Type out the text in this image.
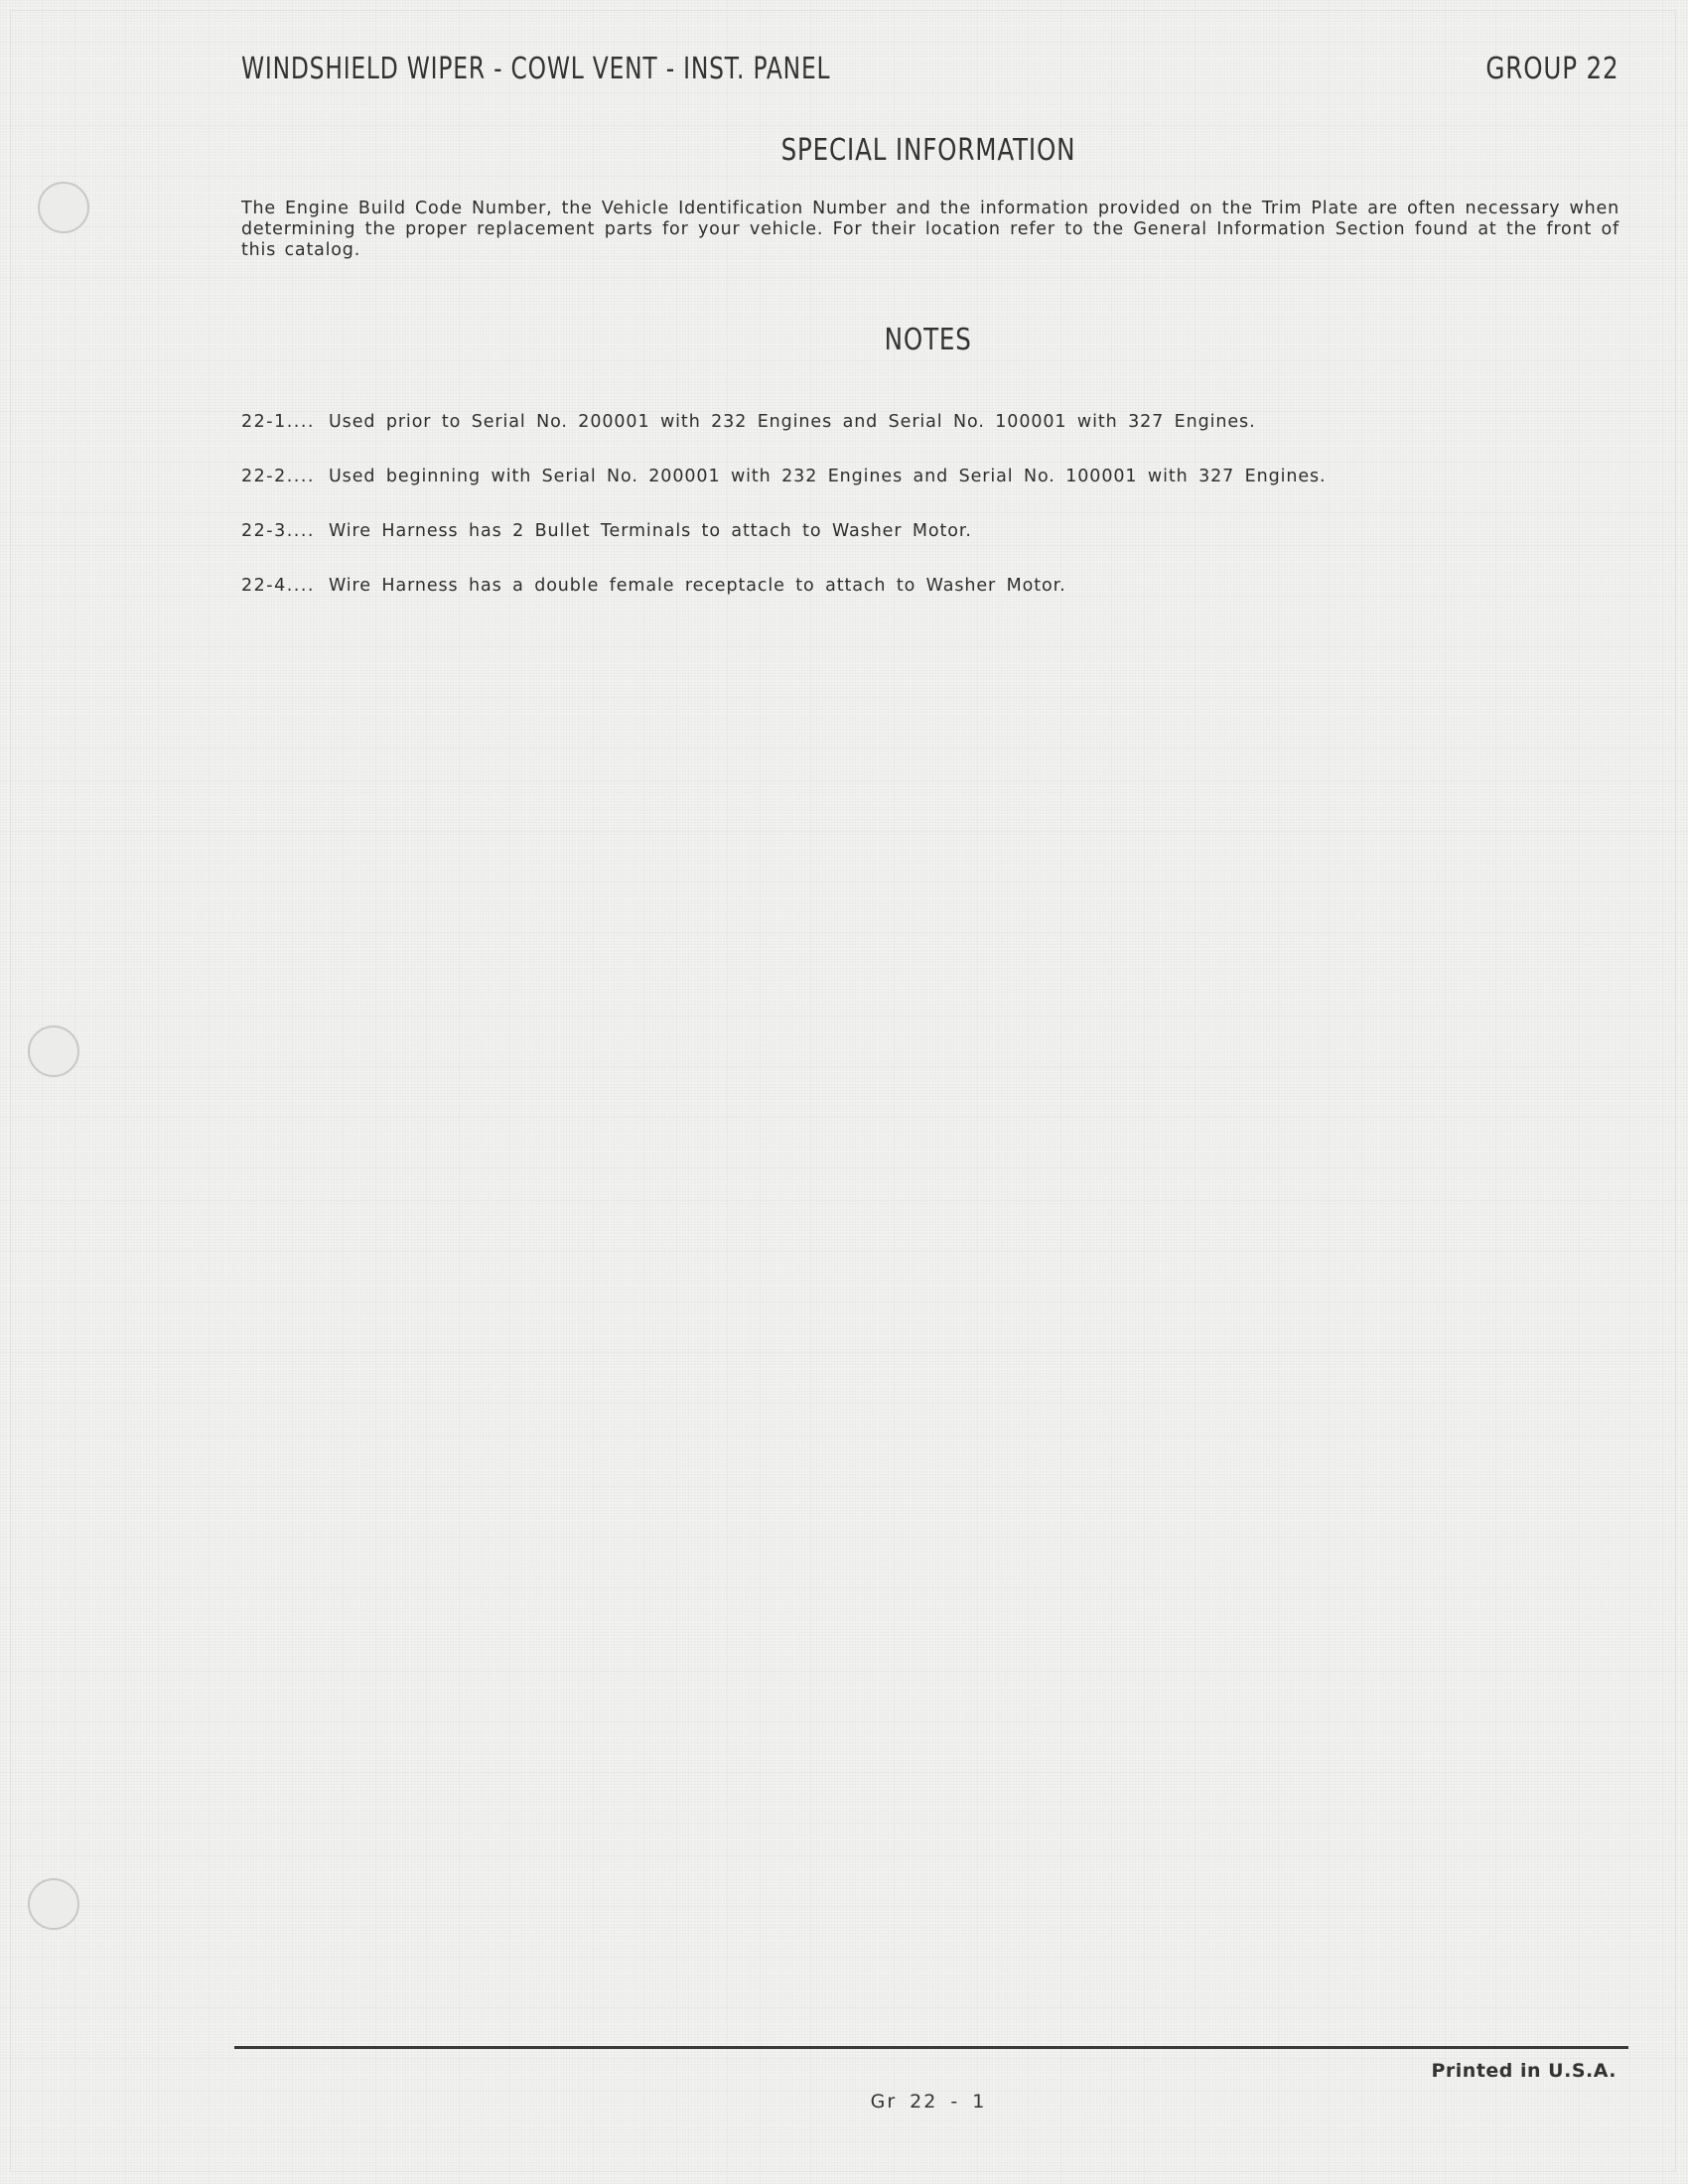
WINDSHIELD WIPER - COWL VENT - INST. PANEL	GROUP 22
SPECIAL INFORMATION

The Engine Build Code Number, the Vehicle Identification Number and the information provided on the Trim Plate are often necessary when determining the proper replacement parts for your vehicle. For their location refer to the General Information Section found at the front of this catalog.

NOTES
22-1.... Used prior to Serial No. 200001 with 232 Engines and Serial No. 100001 with 327 Engines.
22-2.... Used beginning with Serial No. 200001 with 232 Engines and Serial No. 100001 with 327 Engines.
22-3.... Wire Harness has 2 Bullet Terminals to attach to Washer Motor.
22-4.... Wire Harness has a double female receptacle to attach to Washer Motor.
Printed in U.S.A.
Gr 22 - 1
